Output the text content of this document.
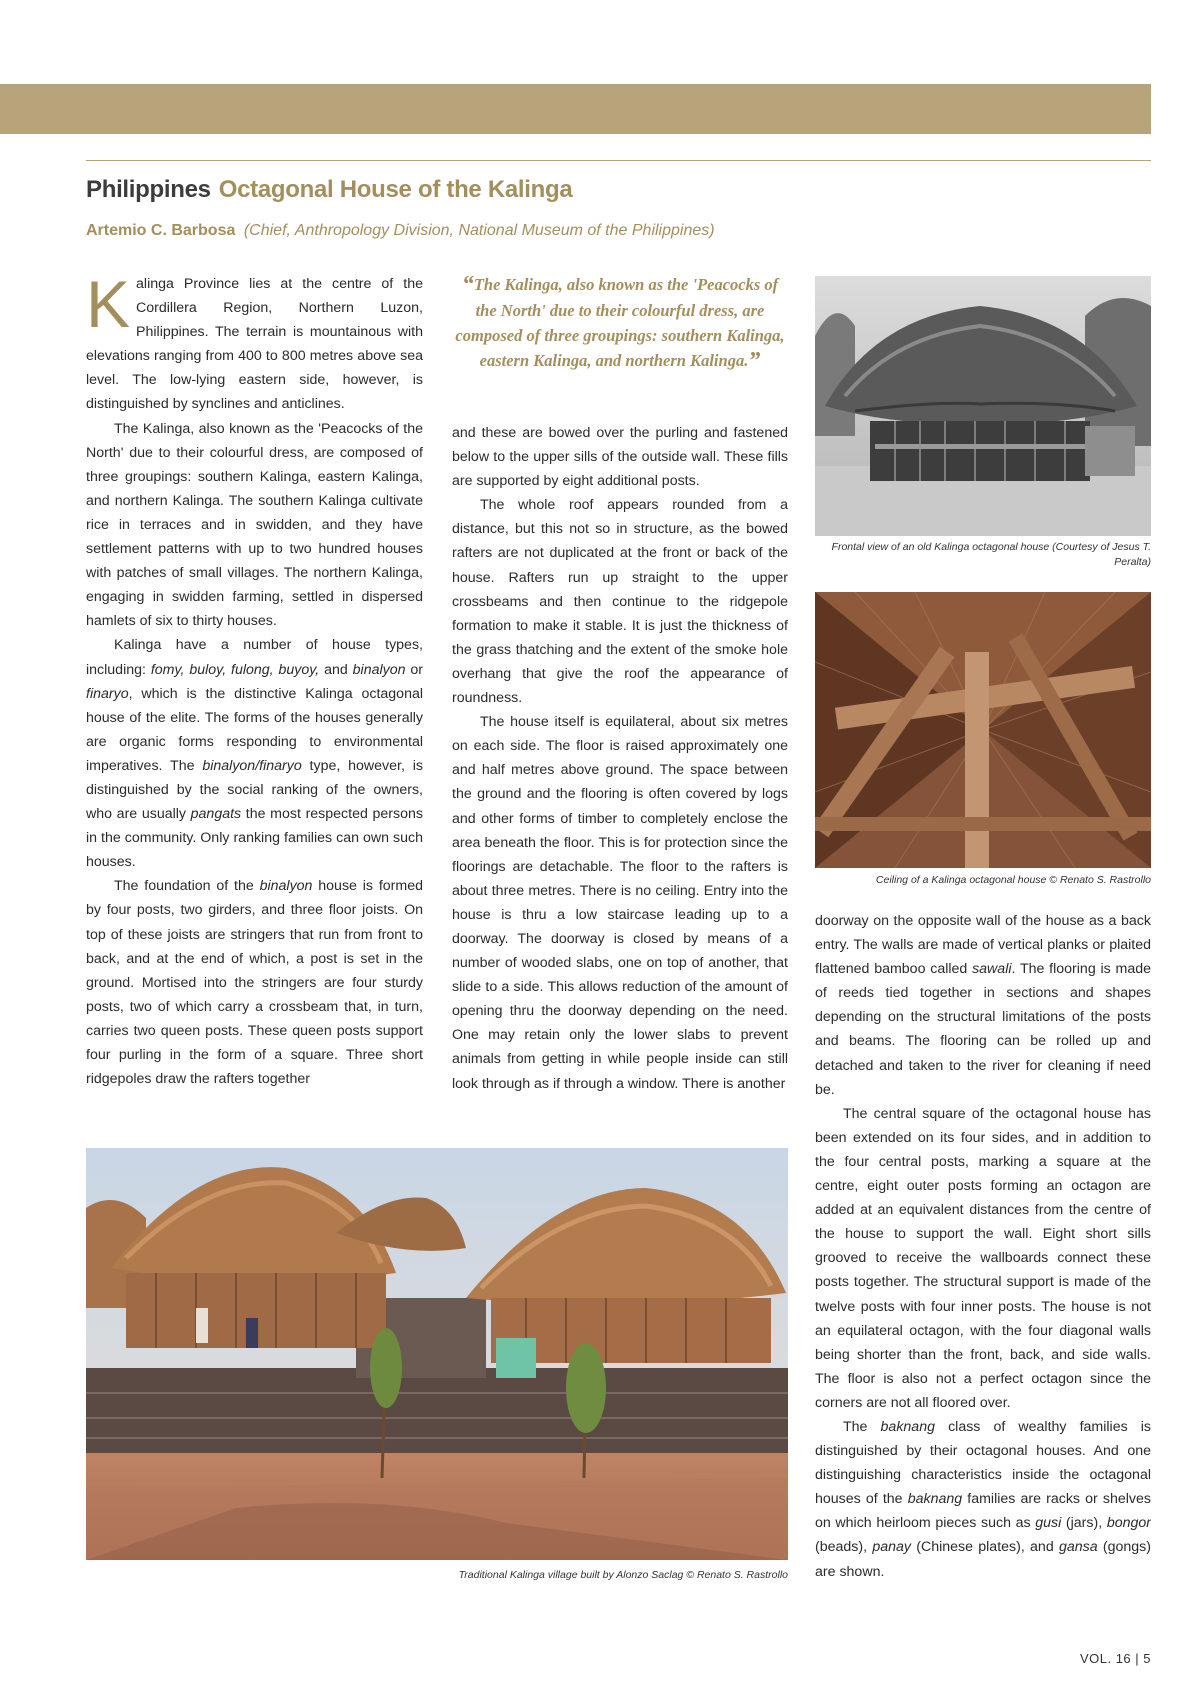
Philippines Octagonal House of the Kalinga
Artemio C. Barbosa (Chief, Anthropology Division, National Museum of the Philippines)

Kalinga Province lies at the centre of the Cordillera Region, Northern Luzon, Philippines. The terrain is mountainous with elevations ranging from 400 to 800 metres above sea level. The low-lying eastern side, however, is distinguished by synclines and anticlines.

The Kalinga, also known as the 'Peacocks of the North' due to their colourful dress, are composed of three groupings: southern Kalinga, eastern Kalinga, and northern Kalinga. The southern Kalinga cultivate rice in terraces and in swidden, and they have settlement patterns with up to two hundred houses with patches of small villages. The northern Kalinga, engaging in swidden farming, settled in dispersed hamlets of six to thirty houses.

Kalinga have a number of house types, including: fomy, buloy, fulong, buyoy, and binalyon or finaryo, which is the distinctive Kalinga octagonal house of the elite. The forms of the houses generally are organic forms responding to environmental imperatives. The binalyon/finaryo type, however, is distinguished by the social ranking of the owners, who are usually pangats the most respected persons in the community. Only ranking families can own such houses.

The foundation of the binalyon house is formed by four posts, two girders, and three floor joists. On top of these joists are stringers that run from front to back, and at the end of which, a post is set in the ground. Mortised into the stringers are four sturdy posts, two of which carry a crossbeam that, in turn, carries two queen posts. These queen posts support four purling in the form of a square. Three short ridgepoles draw the rafters together

“The Kalinga, also known as the 'Peacocks of the North' due to their colourful dress, are composed of three groupings: southern Kalinga, eastern Kalinga, and northern Kalinga.”

and these are bowed over the purling and fastened below to the upper sills of the outside wall. These fills are supported by eight additional posts.

The whole roof appears rounded from a distance, but this not so in structure, as the bowed rafters are not duplicated at the front or back of the house. Rafters run up straight to the upper crossbeams and then continue to the ridgepole formation to make it stable. It is just the thickness of the grass thatching and the extent of the smoke hole overhang that give the roof the appearance of roundness.

The house itself is equilateral, about six metres on each side. The floor is raised approximately one and half metres above ground. The space between the ground and the flooring is often covered by logs and other forms of timber to completely enclose the area beneath the floor. This is for protection since the floorings are detachable. The floor to the rafters is about three metres. There is no ceiling. Entry into the house is thru a low staircase leading up to a doorway. The doorway is closed by means of a number of wooded slabs, one on top of another, that slide to a side. This allows reduction of the amount of opening thru the doorway depending on the need. One may retain only the lower slabs to prevent animals from getting in while people inside can still look through as if through a window. There is another

Frontal view of an old Kalinga octagonal house (Courtesy of Jesus T. Peralta)
Ceiling of a Kalinga octagonal house © Renato S. Rastrollo

doorway on the opposite wall of the house as a back entry. The walls are made of vertical planks or plaited flattened bamboo called sawali. The flooring is made of reeds tied together in sections and shapes depending on the structural limitations of the posts and beams. The flooring can be rolled up and detached and taken to the river for cleaning if need be.

The central square of the octagonal house has been extended on its four sides, and in addition to the four central posts, marking a square at the centre, eight outer posts forming an octagon are added at an equivalent distances from the centre of the house to support the wall. Eight short sills grooved to receive the wallboards connect these posts together. The structural support is made of the twelve posts with four inner posts. The house is not an equilateral octagon, with the four diagonal walls being shorter than the front, back, and side walls. The floor is also not a perfect octagon since the corners are not all floored over.

The baknang class of wealthy families is distinguished by their octagonal houses. And one distinguishing characteristics inside the octagonal houses of the baknang families are racks or shelves on which heirloom pieces such as gusi (jars), bongor (beads), panay (Chinese plates), and gansa (gongs) are shown.

Traditional Kalinga village built by Alonzo Saclag © Renato S. Rastrollo
VOL. 16 | 5
